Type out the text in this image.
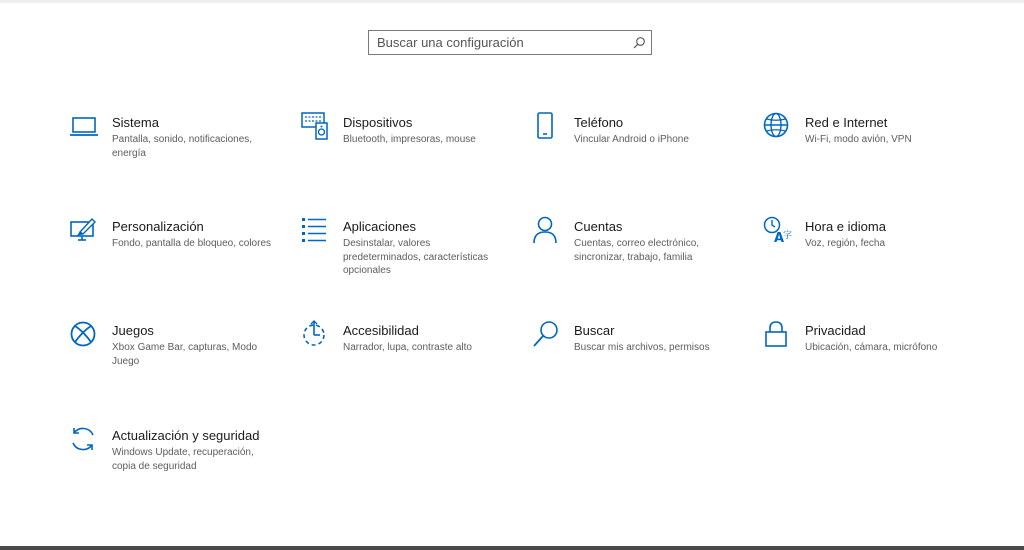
Buscar una configuración
Sistema
Pantalla, sonido, notificaciones, energía
Dispositivos
Bluetooth, impresoras, mouse
Teléfono
Vincular Android o iPhone
Red e Internet
Wi-Fi, modo avión, VPN
Personalización
Fondo, pantalla de bloqueo, colores
Aplicaciones
Desinstalar, valores predeterminados, características opcionales
Cuentas
Cuentas, correo electrónico, sincronizar, trabajo, familia
A
字
Hora e idioma
Voz, región, fecha
Juegos
Xbox Game Bar, capturas, Modo Juego
Accesibilidad
Narrador, lupa, contraste alto
Buscar
Buscar mis archivos, permisos
Privacidad
Ubicación, cámara, micrófono
Actualización y seguridad
Windows Update, recuperación, copia de seguridad
